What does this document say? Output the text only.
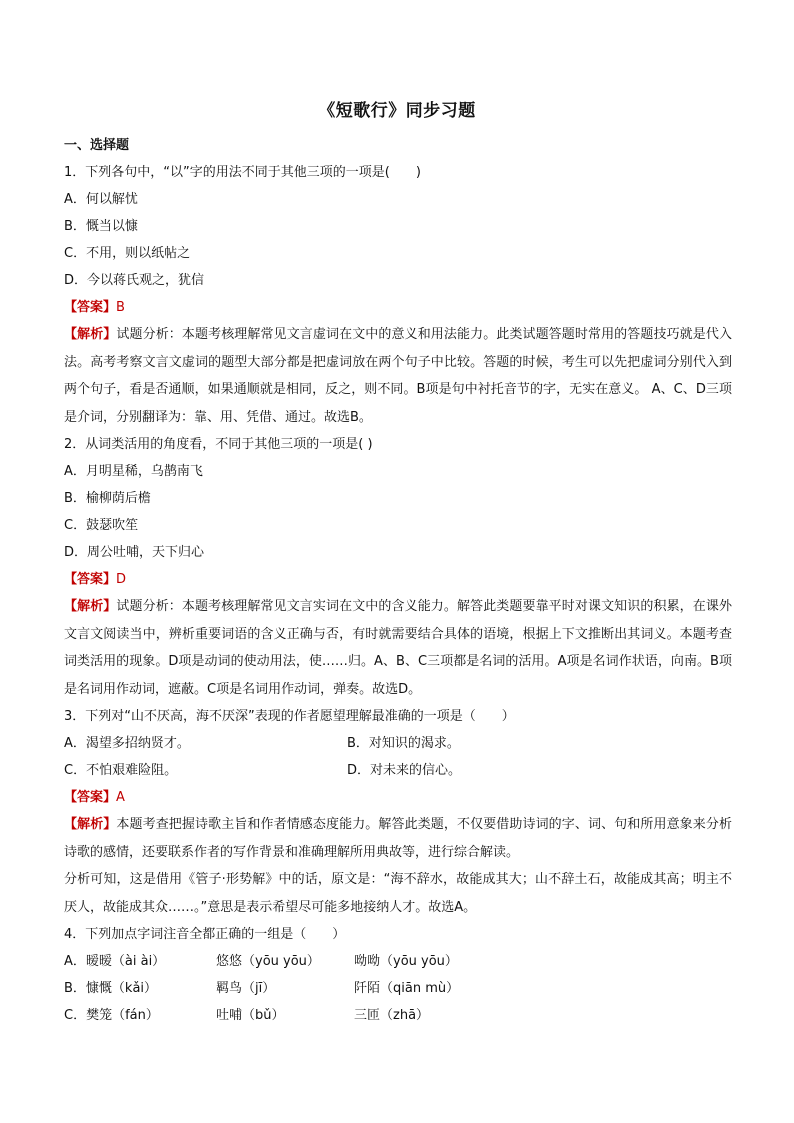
《短歌行》同步习题
一、选择题
1．下列各句中，“以”字的用法不同于其他三项的一项是(　　)
A．何以解忧
B．慨当以慷
C．不用，则以纸帖之
D．今以蒋氏观之，犹信
【答案】B
【解析】试题分析：本题考核理解常见文言虚词在文中的意义和用法能力。此类试题答题时常用的答题技巧就是代入法。高考考察文言文虚词的题型大部分都是把虚词放在两个句子中比较。答题的时候，考生可以先把虚词分别代入到两个句子，看是否通顺，如果通顺就是相同，反之，则不同。B项是句中衬托音节的字，无实在意义。 A、C、D三项是介词，分别翻译为：靠、用、凭借、通过。故选B。
2．从词类活用的角度看，不同于其他三项的一项是( )
A．月明星稀，乌鹊南飞
B．榆柳荫后檐
C．鼓瑟吹笙
D．周公吐哺，天下归心
【答案】D
【解析】试题分析：本题考核理解常见文言实词在文中的含义能力。解答此类题要靠平时对课文知识的积累，在课外文言文阅读当中，辨析重要词语的含义正确与否，有时就需要结合具体的语境，根据上下文推断出其词义。本题考查词类活用的现象。D项是动词的使动用法，使……归。A、B、C三项都是名词的活用。A项是名词作状语，向南。B项是名词用作动词，遮蔽。C项是名词用作动词，弹奏。故选D。
3．下列对“山不厌高，海不厌深”表现的作者愿望理解最准确的一项是（　　）
A．渴望多招纳贤才。	B．对知识的渴求。
C．不怕艰难险阻。	D．对未来的信心。
【答案】A
【解析】本题考查把握诗歌主旨和作者情感态度能力。解答此类题，不仅要借助诗词的字、词、句和所用意象来分析诗歌的感情，还要联系作者的写作背景和准确理解所用典故等，进行综合解读。
分析可知，这是借用《管子·形势解》中的话，原文是：“海不辞水，故能成其大；山不辞土石，故能成其高；明主不厌人，故能成其众……。”意思是表示希望尽可能多地接纳人才。故选A。
4．下列加点字词注音全都正确的一组是（　　）
A．暧暧（ài ài）	悠悠（yōu yōu）	呦呦（yōu yōu）
B．慷慨（kǎi）	羁鸟（jī）	阡陌（qiān mù）
C．樊笼（fán）	吐哺（bǔ）	三匝（zhā）
